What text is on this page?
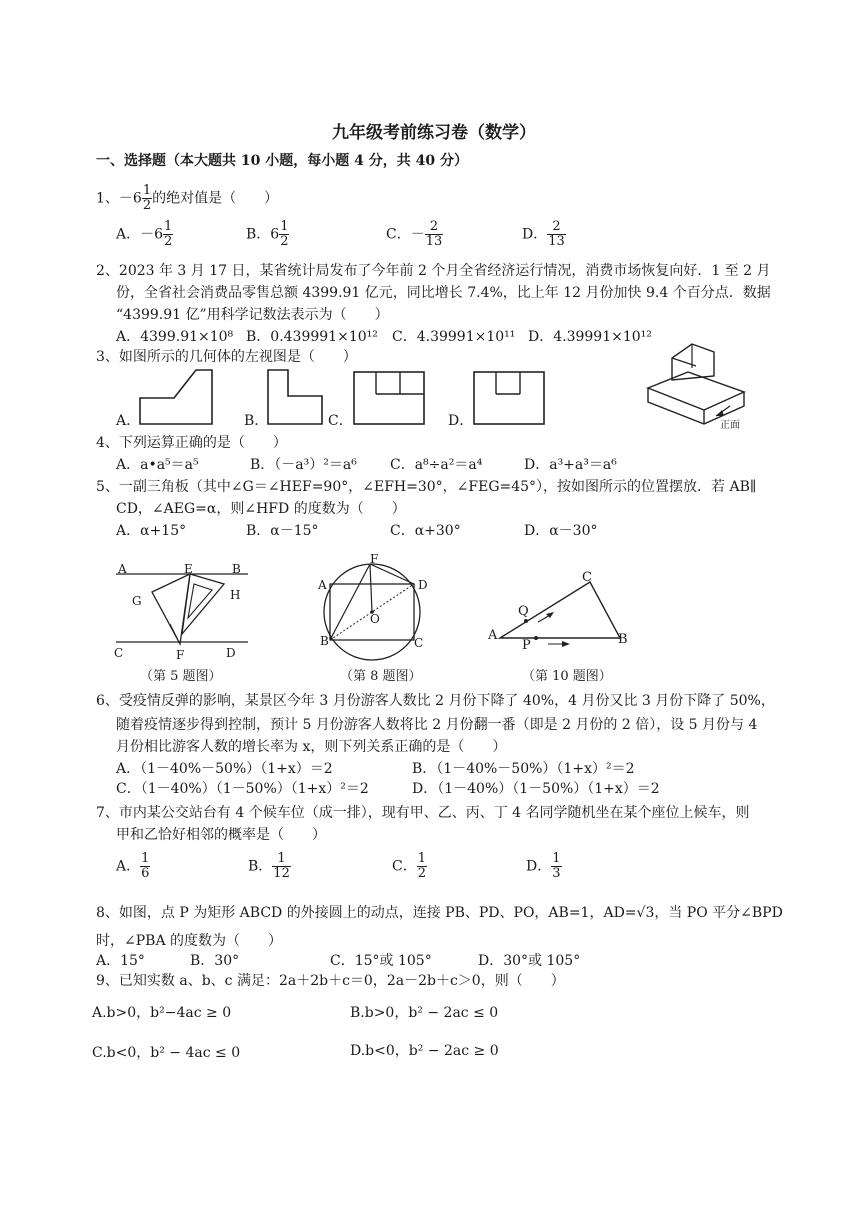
九年级考前练习卷（数学）
一、选择题（本大题共 10 小题，每小题 4 分，共 40 分）
1、$-6 \frac{1}{2}$ 的绝对值是（　　）
A．$-6 \frac{1}{2}$	B．$6 \frac{1}{2}$	C．－ $\frac{2}{13}$	D． $\frac{2}{13}$
2、2023 年 3 月 17 日，某省统计局发布了今年前 2 个月全省经济运行情况，消费市场恢复向好．1 至 2 月
份，全省社会消费品零售总额 4399.91 亿元，同比增长 7.4%，比上年 12 月份加快 9.4 个百分点．数据
“4399.91 亿”用科学记数法表示为（　　）
A．4399.91×10⁸ B．0.439991×10¹² C．4.39991×10¹¹ D．4.39991×10¹²
3、如图所示的几何体的左视图是（　　）
A．	B．	C．	D．	正面
4、下列运算正确的是（　　）
A．a•a⁵＝a⁵	B．（－a³）²＝a⁶ C．a⁸÷a²＝a⁴	D．a³+a³＝a⁶
5、一副三角板（其中∠G＝∠HEF=90°，∠EFH=30°，∠FEG=45°），按如图所示的位置摆放．若 AB∥
CD，∠AEG=α，则∠HFD 的度数为（　　）
A．α+15°	B．α－15°	C．α+30°	D．α－30°
A	E	B
G	H
C	F	D
（第 5 题图）
F
A	D
O
B	C
（第 8 题图）
C
Q
A
P	B
（第 10 题图）
6、受疫情反弹的影响，某景区今年 3 月份游客人数比 2 月份下降了 40%，4 月份又比 3 月份下降了 50%，
随着疫情逐步得到控制，预计 5 月份游客人数将比 2 月份翻一番（即是 2 月份的 2 倍），设 5 月份与 4
月份相比游客人数的增长率为 x，则下列关系正确的是（　　）
A．（1－40%－50%）（1+x）＝2	B．（1－40%－50%）（1+x）²＝2
C．（1－40%）（1－50%）（1+x）²＝2	D．（1－40%）（1－50%）（1+x）＝2
7、市内某公交站台有 4 个候车位（成一排），现有甲、乙、丙、丁 4 名同学随机坐在某个座位上候车，则
甲和乙恰好相邻的概率是（　　）
A． $\frac{1}{6}$	B． $\frac{1}{12}$	C． $\frac{1}{2}$	D． $\frac{1}{3}$
8、如图，点 P 为矩形 ABCD 的外接圆上的动点，连接 PB、PD、PO，AB=1，AD=√3，当 PO 平分∠BPD
时，∠PBA 的度数为（　　）
A．15°	B．30°	C．15°或 105°	D．30°或 105°
9、已知实数 a、b、c 满足：2a＋2b＋c＝0，2a－2b＋c＞0，则（　　）
A.b>0，b²−4ac ≥ 0	B.b>0，b² − 2ac ≤ 0
C.b<0，b² − 4ac ≤ 0	D.b<0，b² − 2ac ≥ 0
